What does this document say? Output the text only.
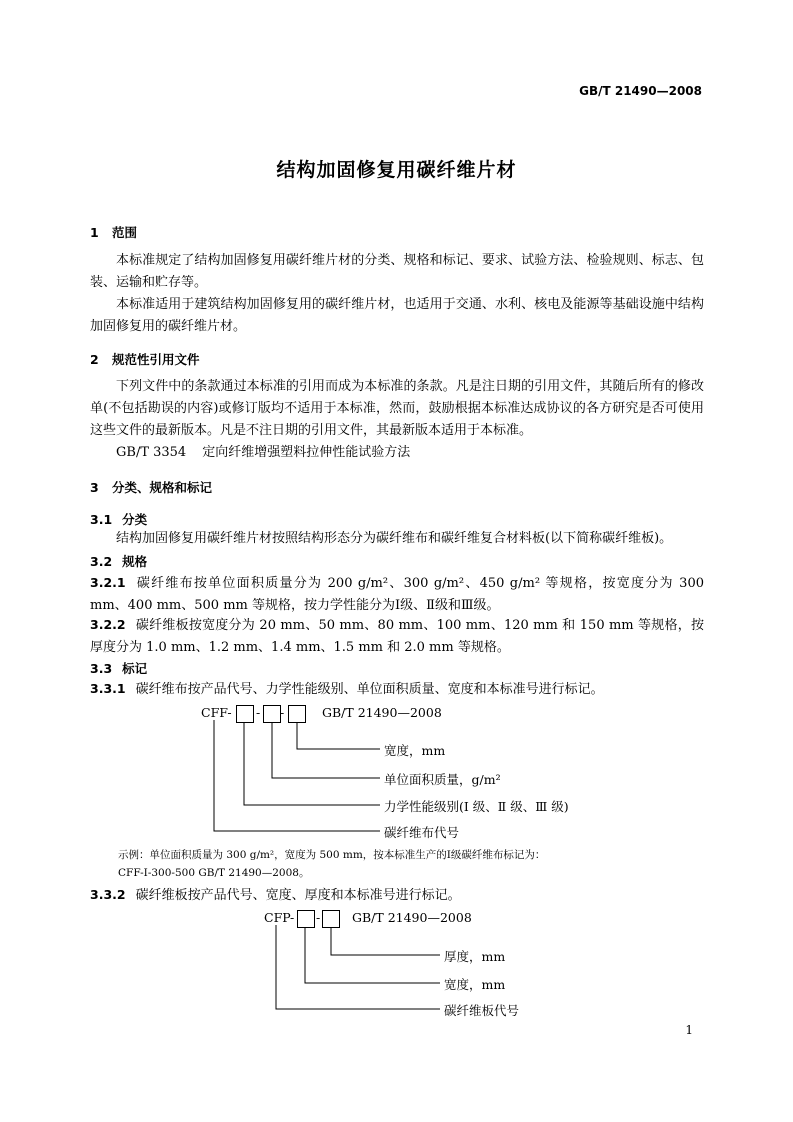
GB/T 21490—2008
结构加固修复用碳纤维片材
1 范围
本标准规定了结构加固修复用碳纤维片材的分类、规格和标记、要求、试验方法、检验规则、标志、包装、运输和贮存等。
本标准适用于建筑结构加固修复用的碳纤维片材，也适用于交通、水利、核电及能源等基础设施中结构加固修复用的碳纤维片材。
2 规范性引用文件
下列文件中的条款通过本标准的引用而成为本标准的条款。凡是注日期的引用文件，其随后所有的修改单(不包括勘误的内容)或修订版均不适用于本标准，然而，鼓励根据本标准达成协议的各方研究是否可使用这些文件的最新版本。凡是不注日期的引用文件，其最新版本适用于本标准。
GB/T 3354 定向纤维增强塑料拉伸性能试验方法
3 分类、规格和标记
3.1 分类
结构加固修复用碳纤维片材按照结构形态分为碳纤维布和碳纤维复合材料板(以下简称碳纤维板)。
3.2 规格
3.2.1 碳纤维布按单位面积质量分为 200 g/m²、300 g/m²、450 g/m² 等规格，按宽度分为 300 mm、400 mm、500 mm 等规格，按力学性能分为Ⅰ级、Ⅱ级和Ⅲ级。
3.2.2 碳纤维板按宽度分为 20 mm、50 mm、80 mm、100 mm、120 mm 和 150 mm 等规格，按厚度分为 1.0 mm、1.2 mm、1.4 mm、1.5 mm 和 2.0 mm 等规格。
3.3 标记
3.3.1 碳纤维布按产品代号、力学性能级别、单位面积质量、宽度和本标准号进行标记。
CFF- - -	GB/T 21490—2008
宽度，mm
单位面积质量，g/m²
力学性能级别(Ⅰ 级、Ⅱ 级、Ⅲ 级)
碳纤维布代号
示例：单位面积质量为 300 g/m²，宽度为 500 mm，按本标准生产的Ⅰ级碳纤维布标记为：
CFF-Ⅰ-300-500 GB/T 21490—2008。
3.3.2 碳纤维板按产品代号、宽度、厚度和本标准号进行标记。
CFP- -	GB/T 21490—2008
厚度，mm
宽度，mm
碳纤维板代号
1
